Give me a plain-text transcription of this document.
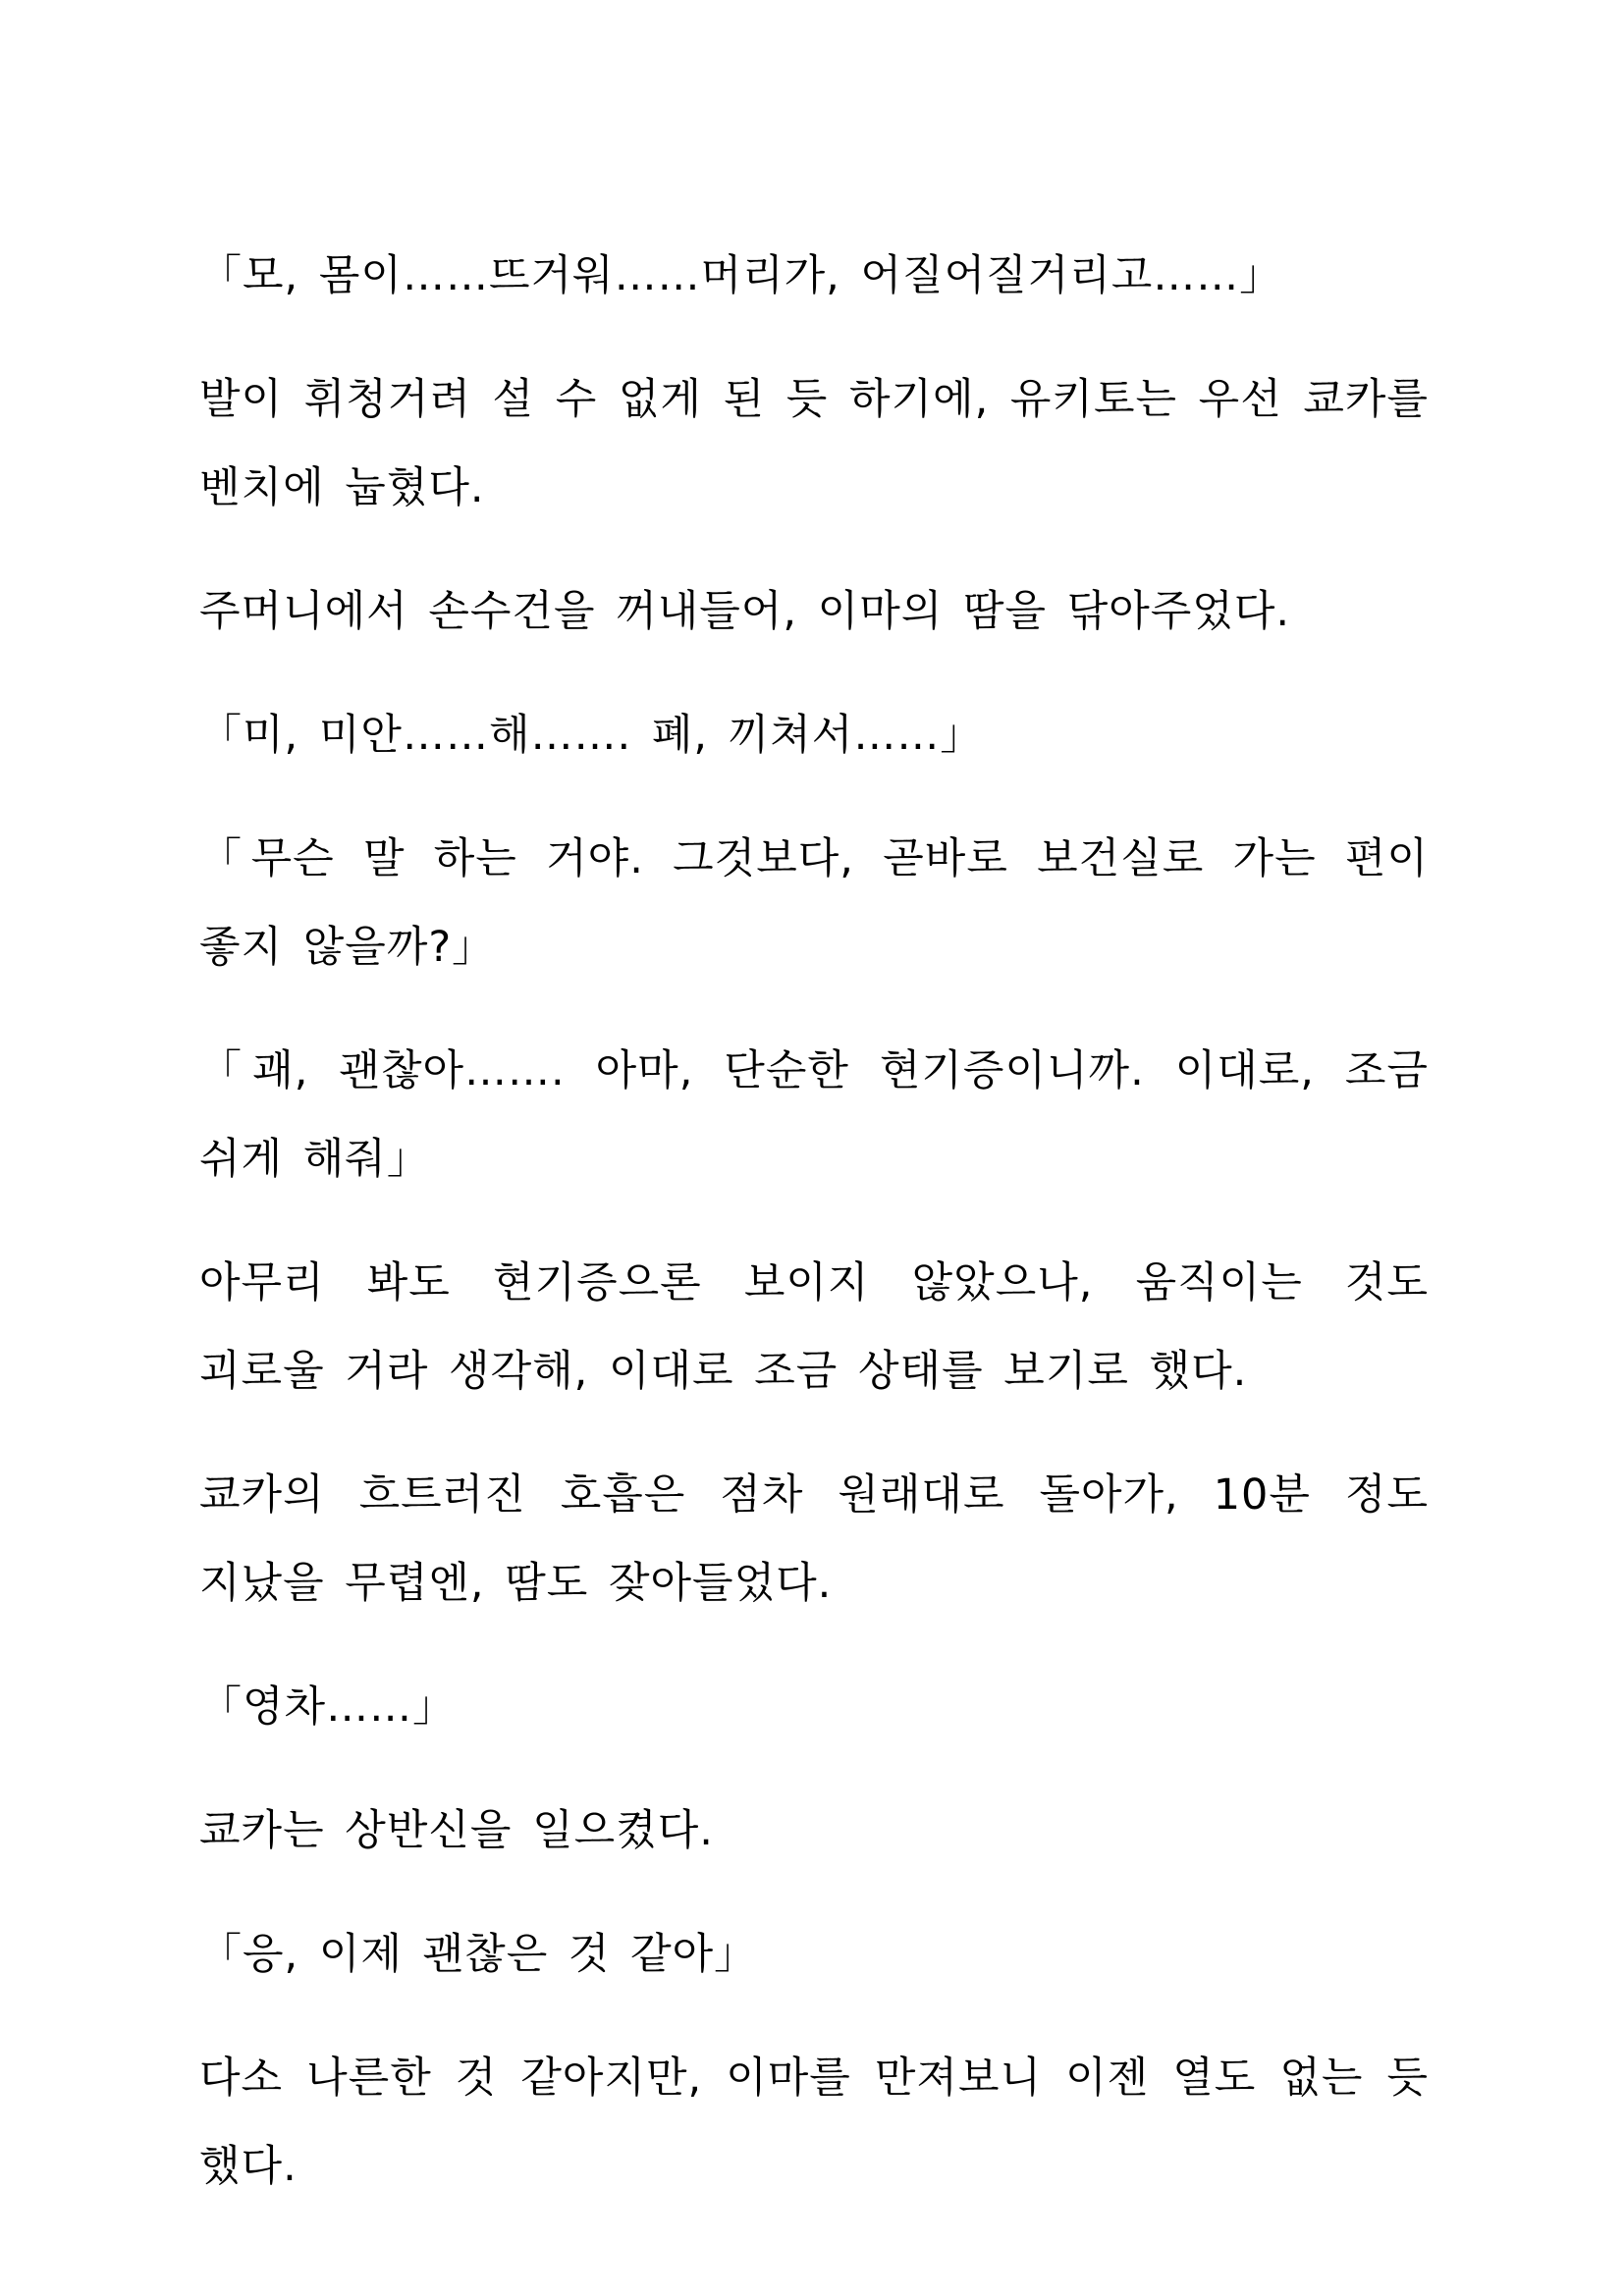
「모, 몸이……뜨거워……머리가, 어질어질거리고……」

발이 휘청거려 설 수 없게 된 듯 하기에, 유키토는 우선 쿄카를 벤치에 눕혔다.

주머니에서 손수건을 꺼내들어, 이마의 땀을 닦아주었다.

「미, 미안……해……. 폐, 끼쳐서……」

「무슨 말 하는 거야. 그것보다, 곧바로 보건실로 가는 편이 좋지 않을까?」

「괘, 괜찮아……. 아마, 단순한 현기증이니까. 이대로, 조금 쉬게 해줘」

아무리 봐도 현기증으론 보이지 않았으나, 움직이는 것도 괴로울 거라 생각해, 이대로 조금 상태를 보기로 했다.

쿄카의 흐트러진 호흡은 점차 원래대로 돌아가, 10분 정도 지났을 무렵엔, 땀도 잦아들었다.

「영차……」

쿄카는 상반신을 일으켰다.

「응, 이제 괜찮은 것 같아」

다소 나른한 것 같아지만, 이마를 만져보니 이젠 열도 없는 듯 했다.
